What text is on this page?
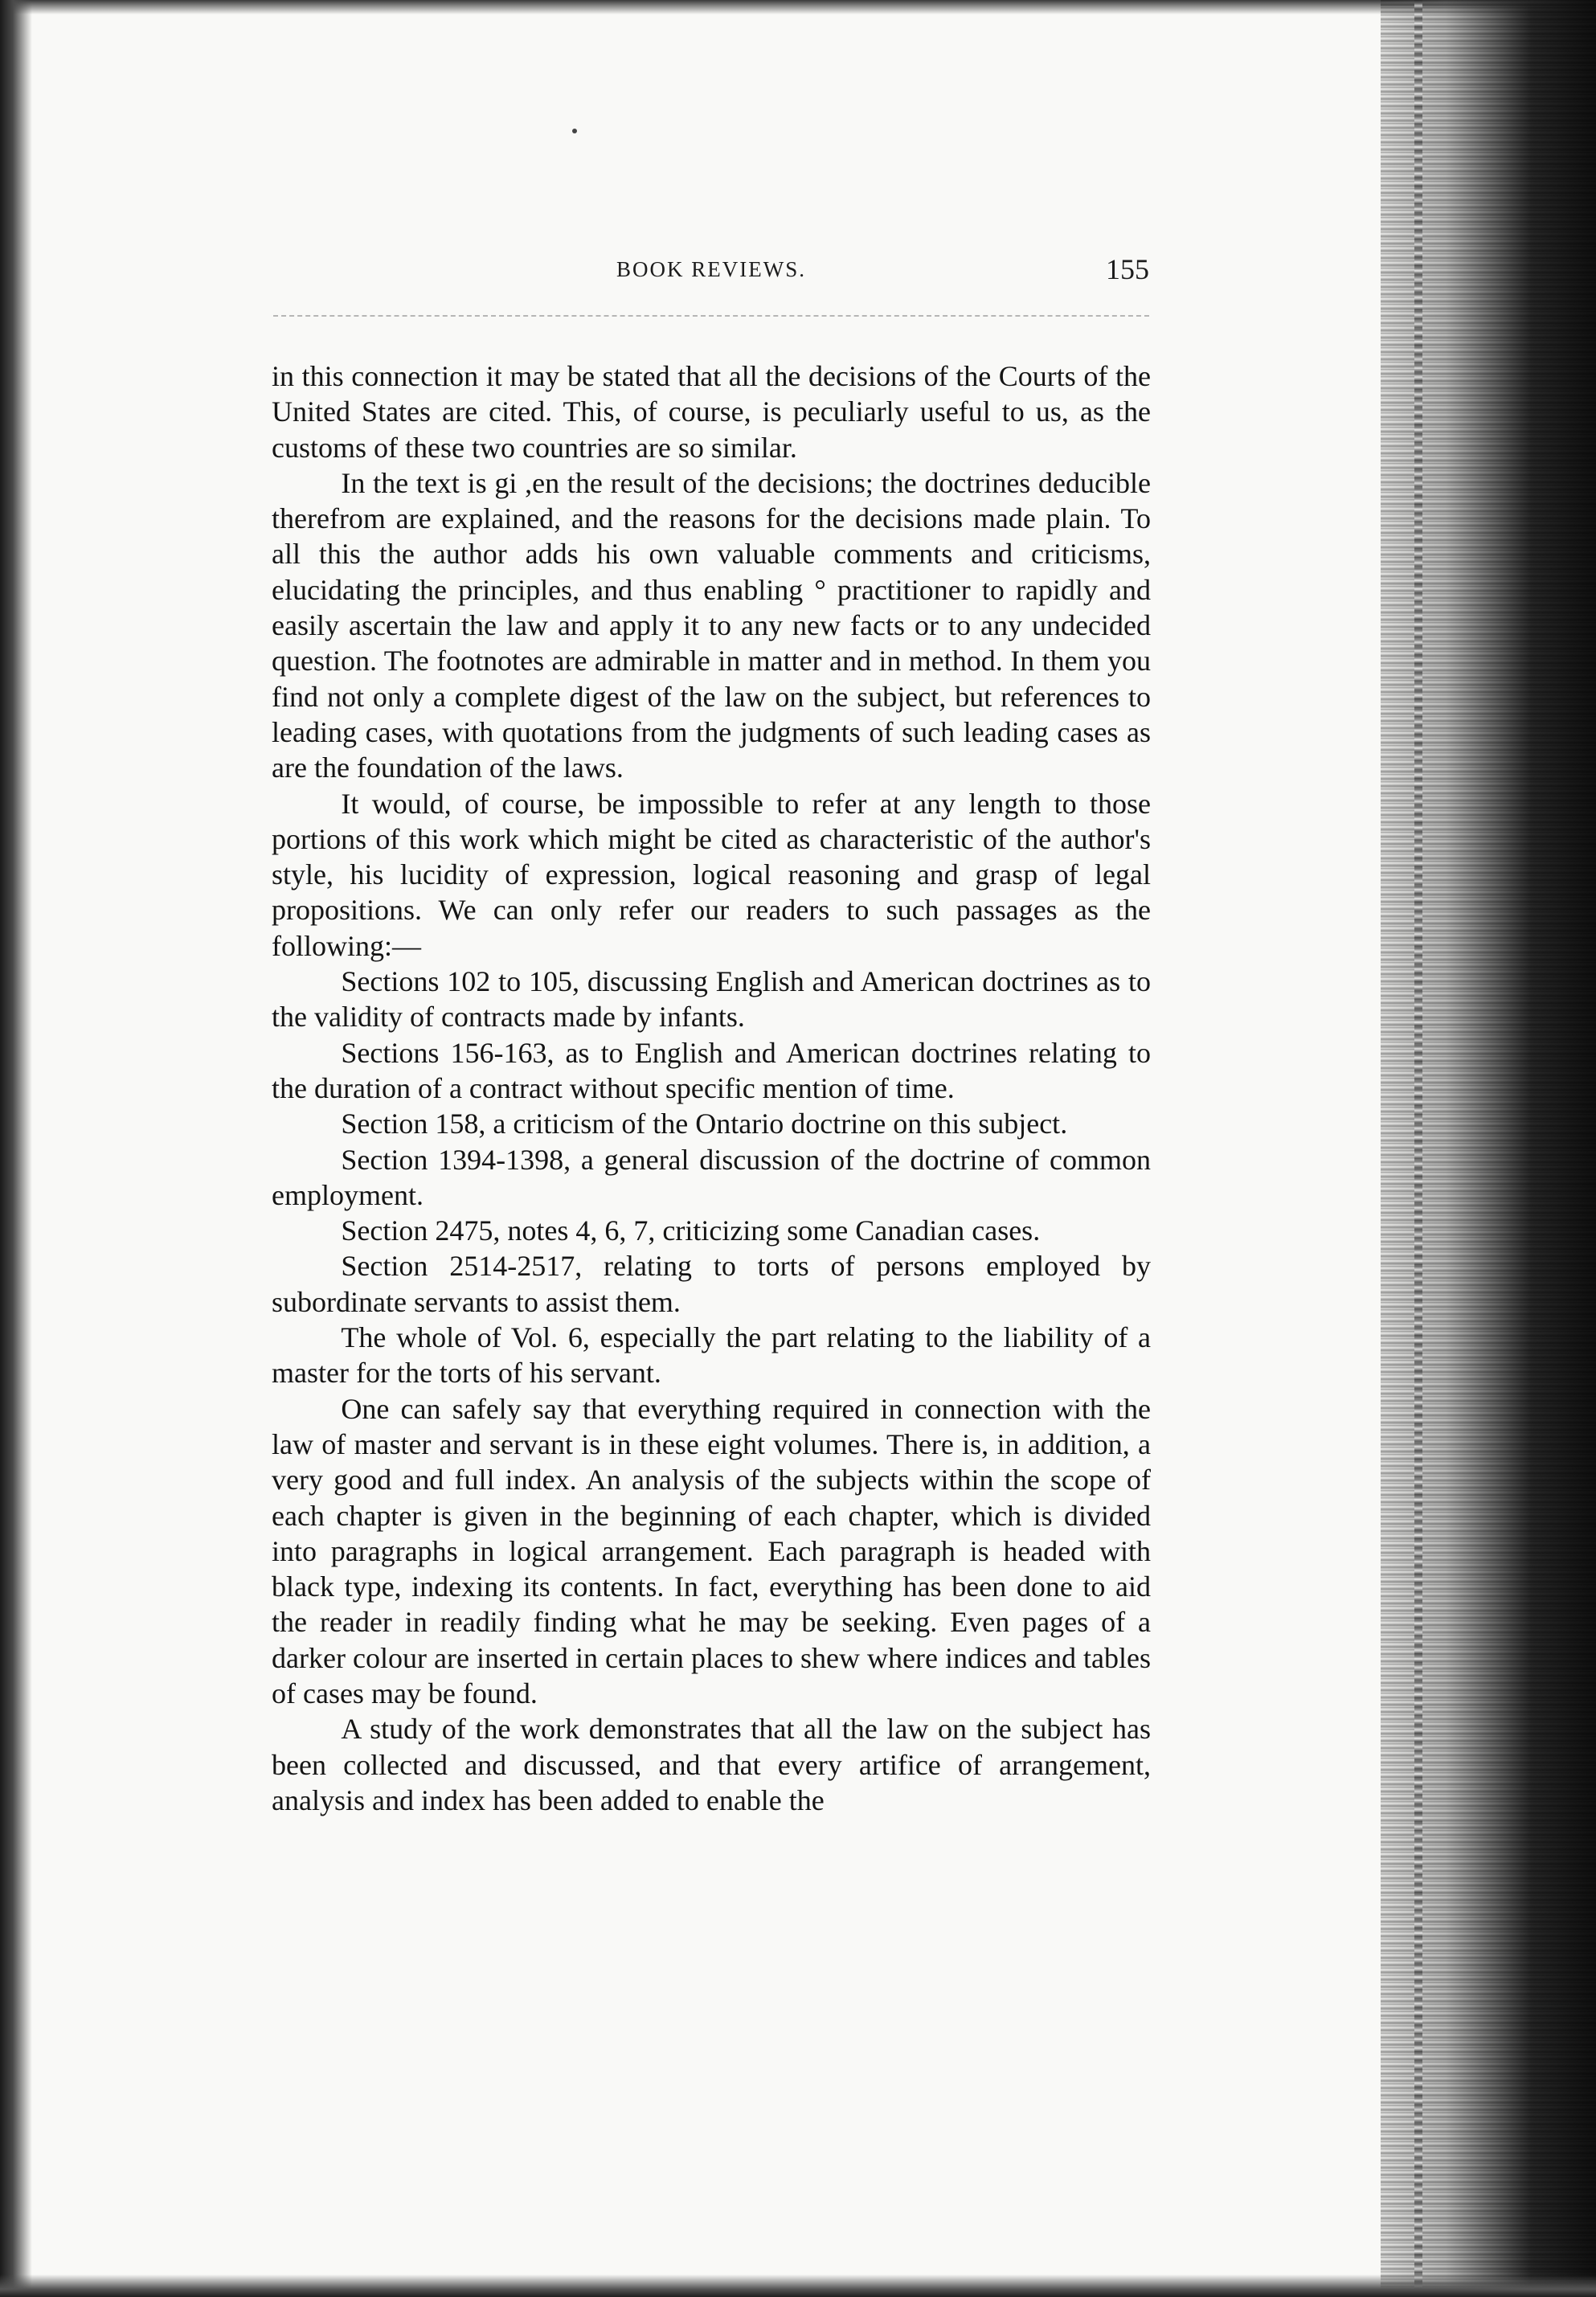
BOOK REVIEWS.	155

in this connection it may be stated that all the decisions of the Courts of the United States are cited. This, of course, is peculiarly useful to us, as the customs of these two countries are so similar.

In the text is gi ,en the result of the decisions; the doctrines deducible therefrom are explained, and the reasons for the decisions made plain. To all this the author adds his own valuable comments and criticisms, elucidating the principles, and thus enabling ° practitioner to rapidly and easily ascertain the law and apply it to any new facts or to any undecided question. The footnotes are admirable in matter and in method. In them you find not only a complete digest of the law on the subject, but references to leading cases, with quotations from the judgments of such leading cases as are the foundation of the laws.

It would, of course, be impossible to refer at any length to those portions of this work which might be cited as characteristic of the author's style, his lucidity of expression, logical reasoning and grasp of legal propositions. We can only refer our readers to such passages as the following:—

Sections 102 to 105, discussing English and American doctrines as to the validity of contracts made by infants.

Sections 156-163, as to English and American doctrines relating to the duration of a contract without specific mention of time.

Section 158, a criticism of the Ontario doctrine on this subject.

Section 1394-1398, a general discussion of the doctrine of common employment.

Section 2475, notes 4, 6, 7, criticizing some Canadian cases.

Section 2514-2517, relating to torts of persons employed by subordinate servants to assist them.

The whole of Vol. 6, especially the part relating to the liability of a master for the torts of his servant.

One can safely say that everything required in connection with the law of master and servant is in these eight volumes. There is, in addition, a very good and full index. An analysis of the subjects within the scope of each chapter is given in the beginning of each chapter, which is divided into paragraphs in logical arrangement. Each paragraph is headed with black type, indexing its contents. In fact, everything has been done to aid the reader in readily finding what he may be seeking. Even pages of a darker colour are inserted in certain places to shew where indices and tables of cases may be found.

A study of the work demonstrates that all the law on the subject has been collected and discussed, and that every artifice of arrangement, analysis and index has been added to enable the
